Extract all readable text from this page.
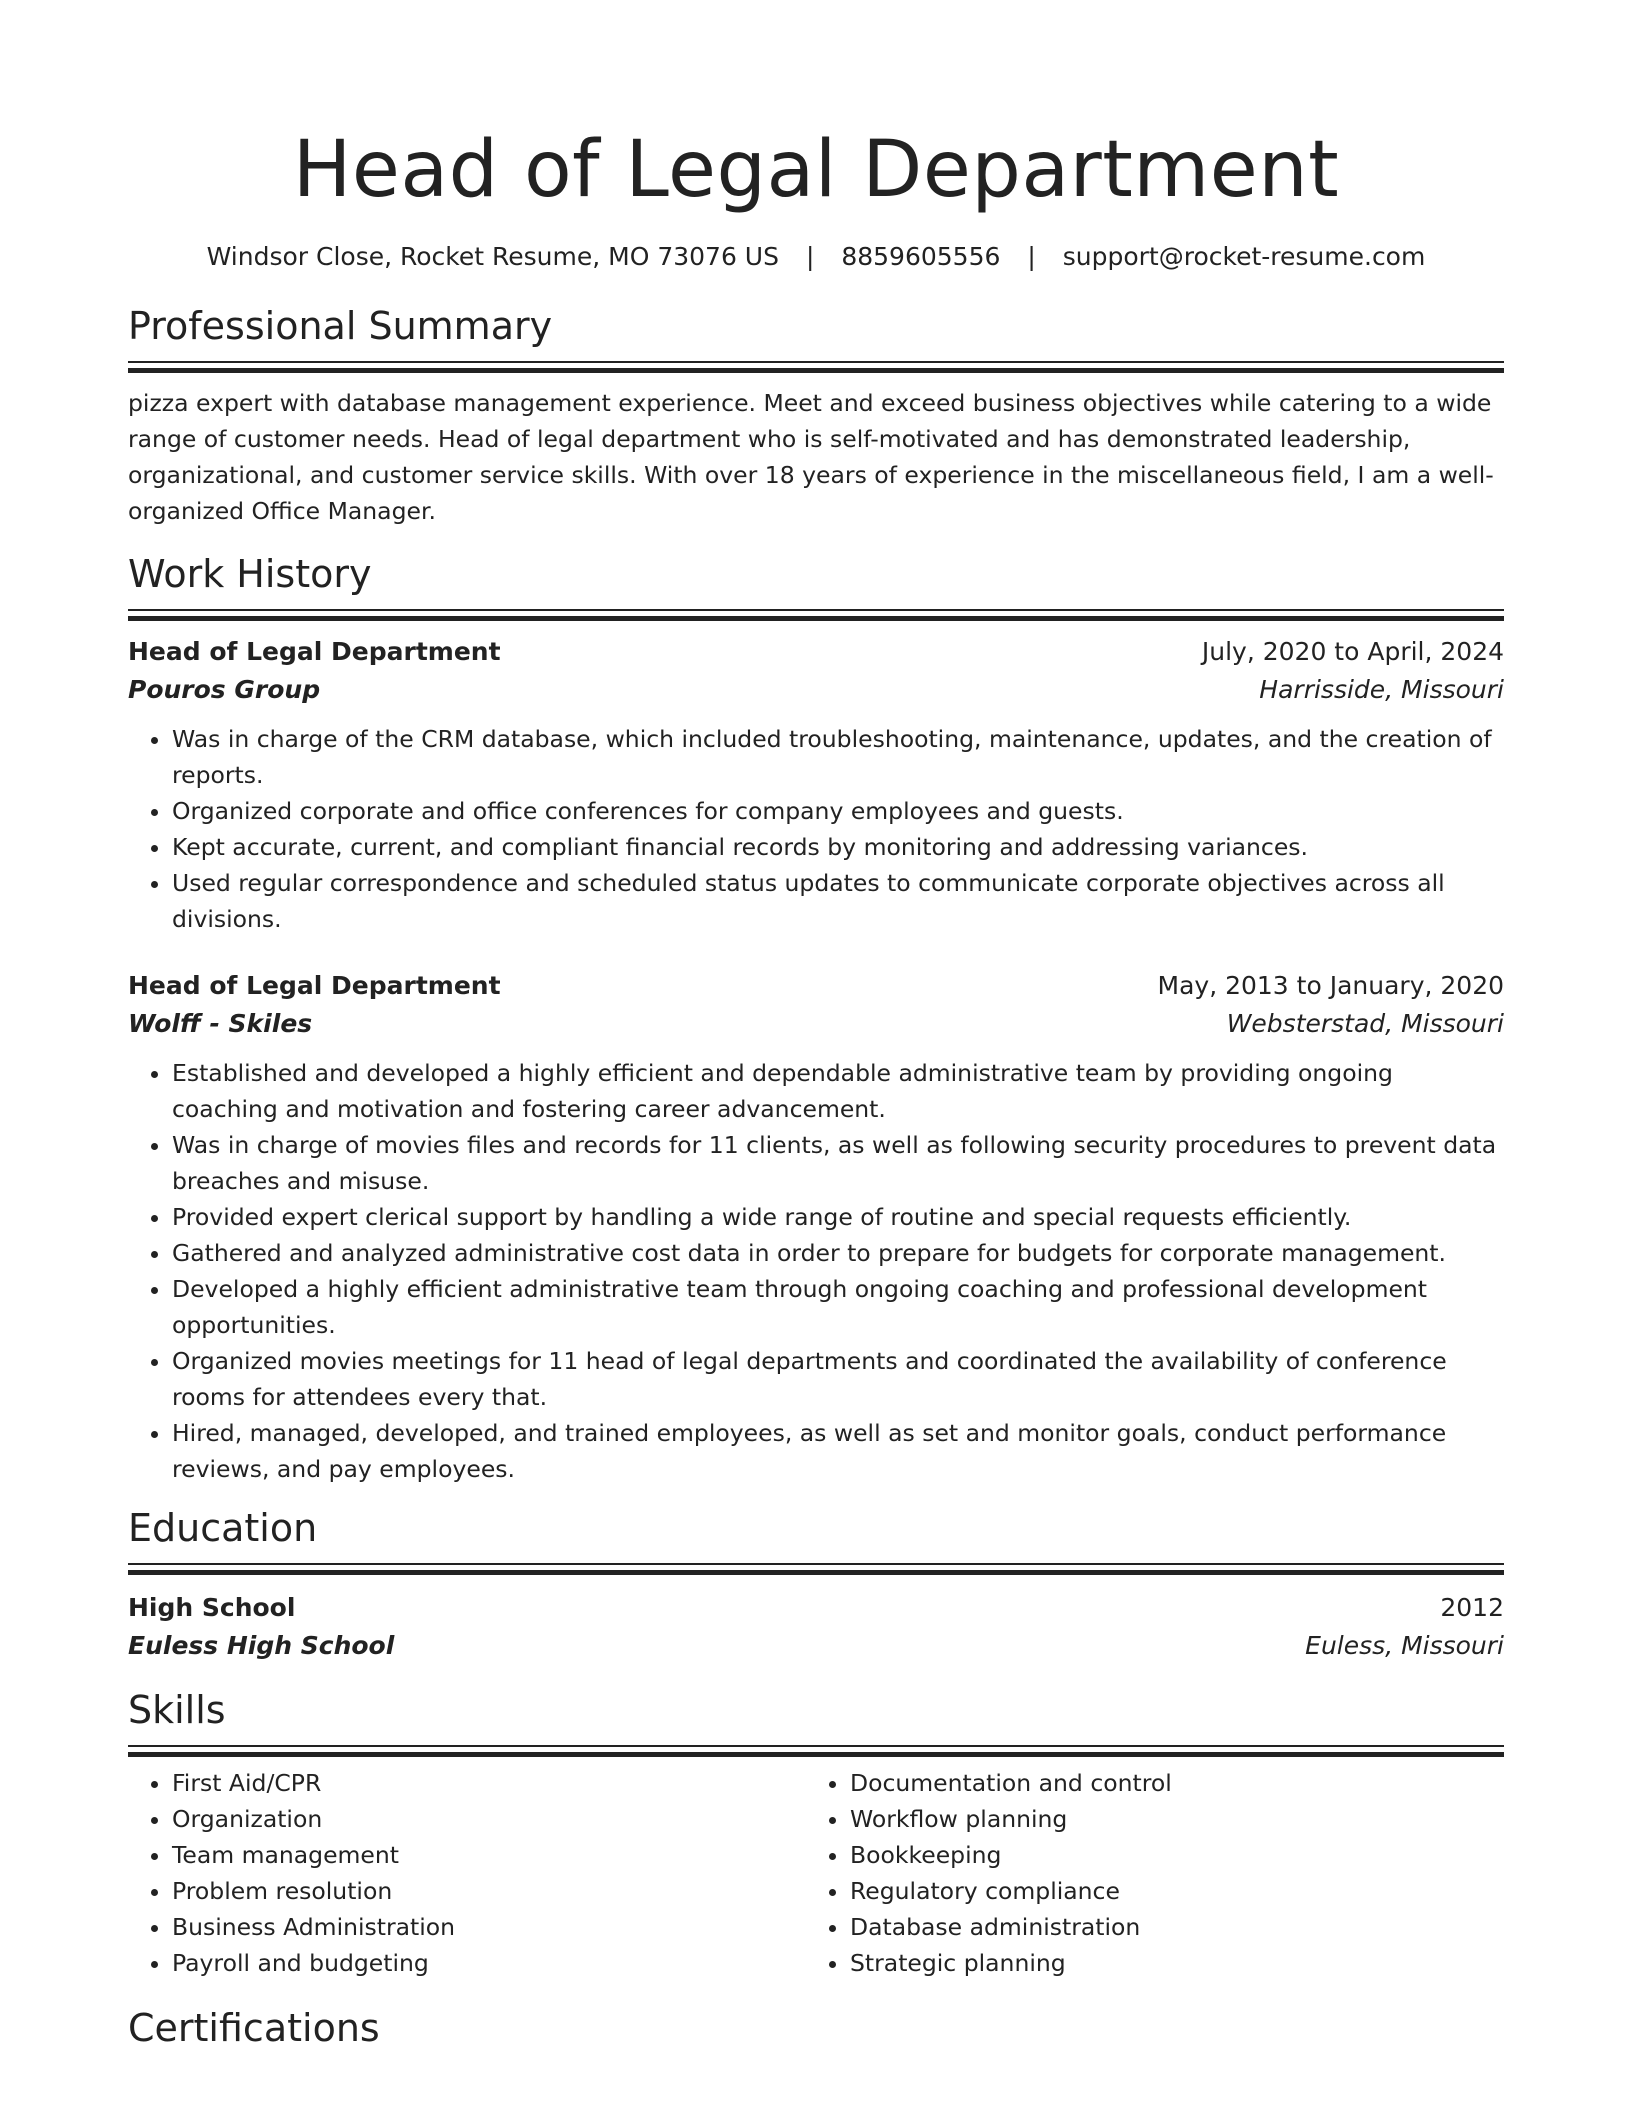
Head of Legal Department
Windsor Close, Rocket Resume, MO 73076 US | 8859605556 | support@rocket-resume.com
Professional Summary

pizza expert with database management experience. Meet and exceed business objectives while catering to a wide range of customer needs. Head of legal department who is self-motivated and has demonstrated leadership, organizational, and customer service skills. With over 18 years of experience in the miscellaneous field, I am a well-organized Office Manager.

Work History
Head of Legal Department	July, 2020 to April, 2024
Pouros Group	Harrisside, Missouri
• Was in charge of the CRM database, which included troubleshooting, maintenance, updates, and the creation of reports.
• Organized corporate and office conferences for company employees and guests.
• Kept accurate, current, and compliant financial records by monitoring and addressing variances.
• Used regular correspondence and scheduled status updates to communicate corporate objectives across all divisions.
Head of Legal Department	May, 2013 to January, 2020
Wolff - Skiles	Websterstad, Missouri
• Established and developed a highly efficient and dependable administrative team by providing ongoing coaching and motivation and fostering career advancement.
• Was in charge of movies files and records for 11 clients, as well as following security procedures to prevent data breaches and misuse.
• Provided expert clerical support by handling a wide range of routine and special requests efficiently.
• Gathered and analyzed administrative cost data in order to prepare for budgets for corporate management.
• Developed a highly efficient administrative team through ongoing coaching and professional development opportunities.
• Organized movies meetings for 11 head of legal departments and coordinated the availability of conference rooms for attendees every that.
• Hired, managed, developed, and trained employees, as well as set and monitor goals, conduct performance reviews, and pay employees.
Education
High School	2012
Euless High School	Euless, Missouri
Skills
• First Aid/CPR
• Organization
• Team management
• Problem resolution
• Business Administration
• Payroll and budgeting
• Documentation and control
• Workflow planning
• Bookkeeping
• Regulatory compliance
• Database administration
• Strategic planning
Certifications
